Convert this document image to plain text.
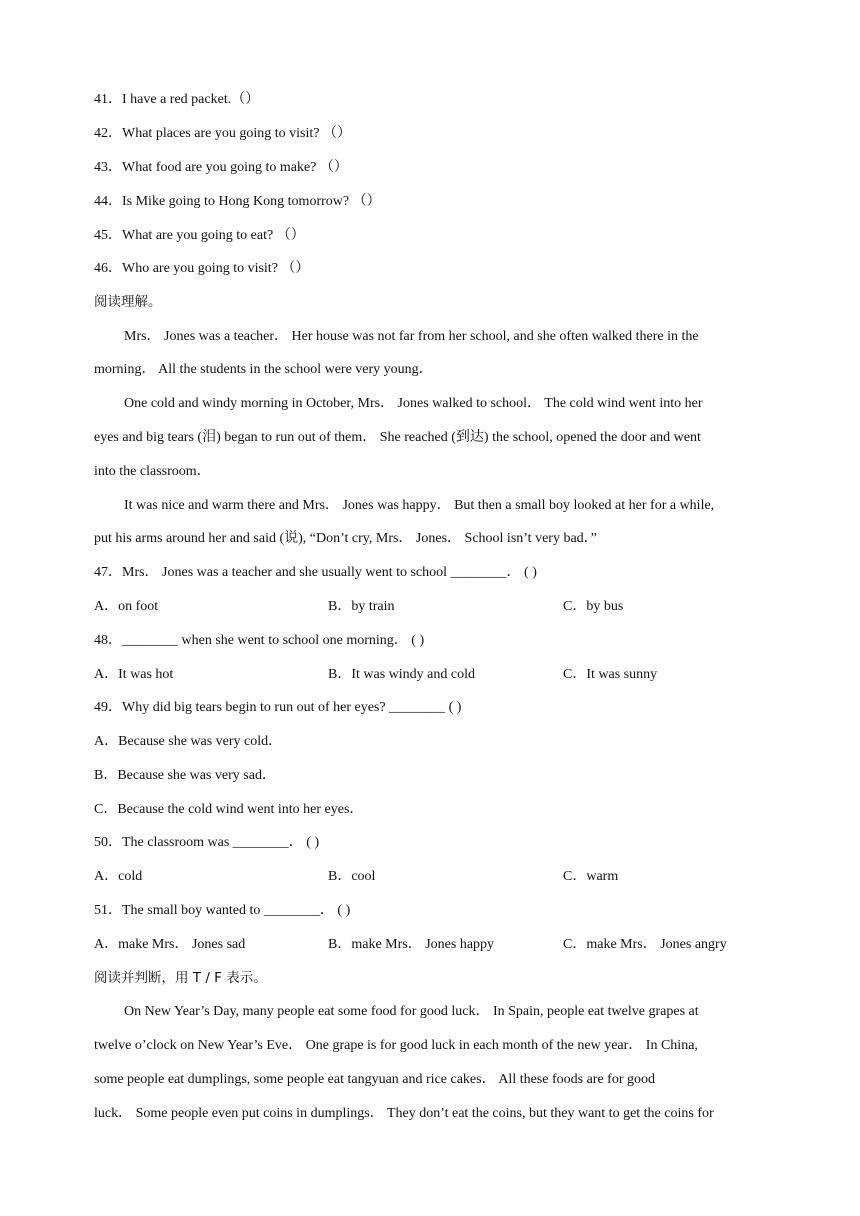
41．I have a red packet.（）
42．What places are you going to visit? （）
43．What food are you going to make? （）
44．Is Mike going to Hong Kong tomorrow? （）
45．What are you going to eat? （）
46．Who are you going to visit? （）
阅读理解。
Mrs． Jones was a teacher． Her house was not far from her school, and she often walked there in the
morning． All the students in the school were very young．
One cold and windy morning in October, Mrs． Jones walked to school． The cold wind went into her
eyes and big tears (泪) began to run out of them． She reached (到达) the school, opened the door and went
into the classroom．
It was nice and warm there and Mrs． Jones was happy． But then a small boy looked at her for a while,
put his arms around her and said (说), “Don’t cry, Mrs． Jones． School isn’t very bad．”
47．Mrs． Jones was a teacher and she usually went to school ________． ( )
A．on foot	B．by train	C．by bus
48．________ when she went to school one morning． ( )
A．It was hot	B．It was windy and cold	C．It was sunny
49．Why did big tears begin to run out of her eyes? ________ ( )
A．Because she was very cold．
B．Because she was very sad．
C．Because the cold wind went into her eyes．
50．The classroom was ________． ( )
A．cold	B．cool	C．warm
51．The small boy wanted to ________． ( )
A．make Mrs． Jones sad	B．make Mrs． Jones happy	C．make Mrs． Jones angry
阅读并判断，用 T / F 表示。
On New Year’s Day, many people eat some food for good luck． In Spain, people eat twelve grapes at
twelve o’clock on New Year’s Eve． One grape is for good luck in each month of the new year． In China,
some people eat dumplings, some people eat tangyuan and rice cakes． All these foods are for good
luck． Some people even put coins in dumplings． They don’t eat the coins, but they want to get the coins for
